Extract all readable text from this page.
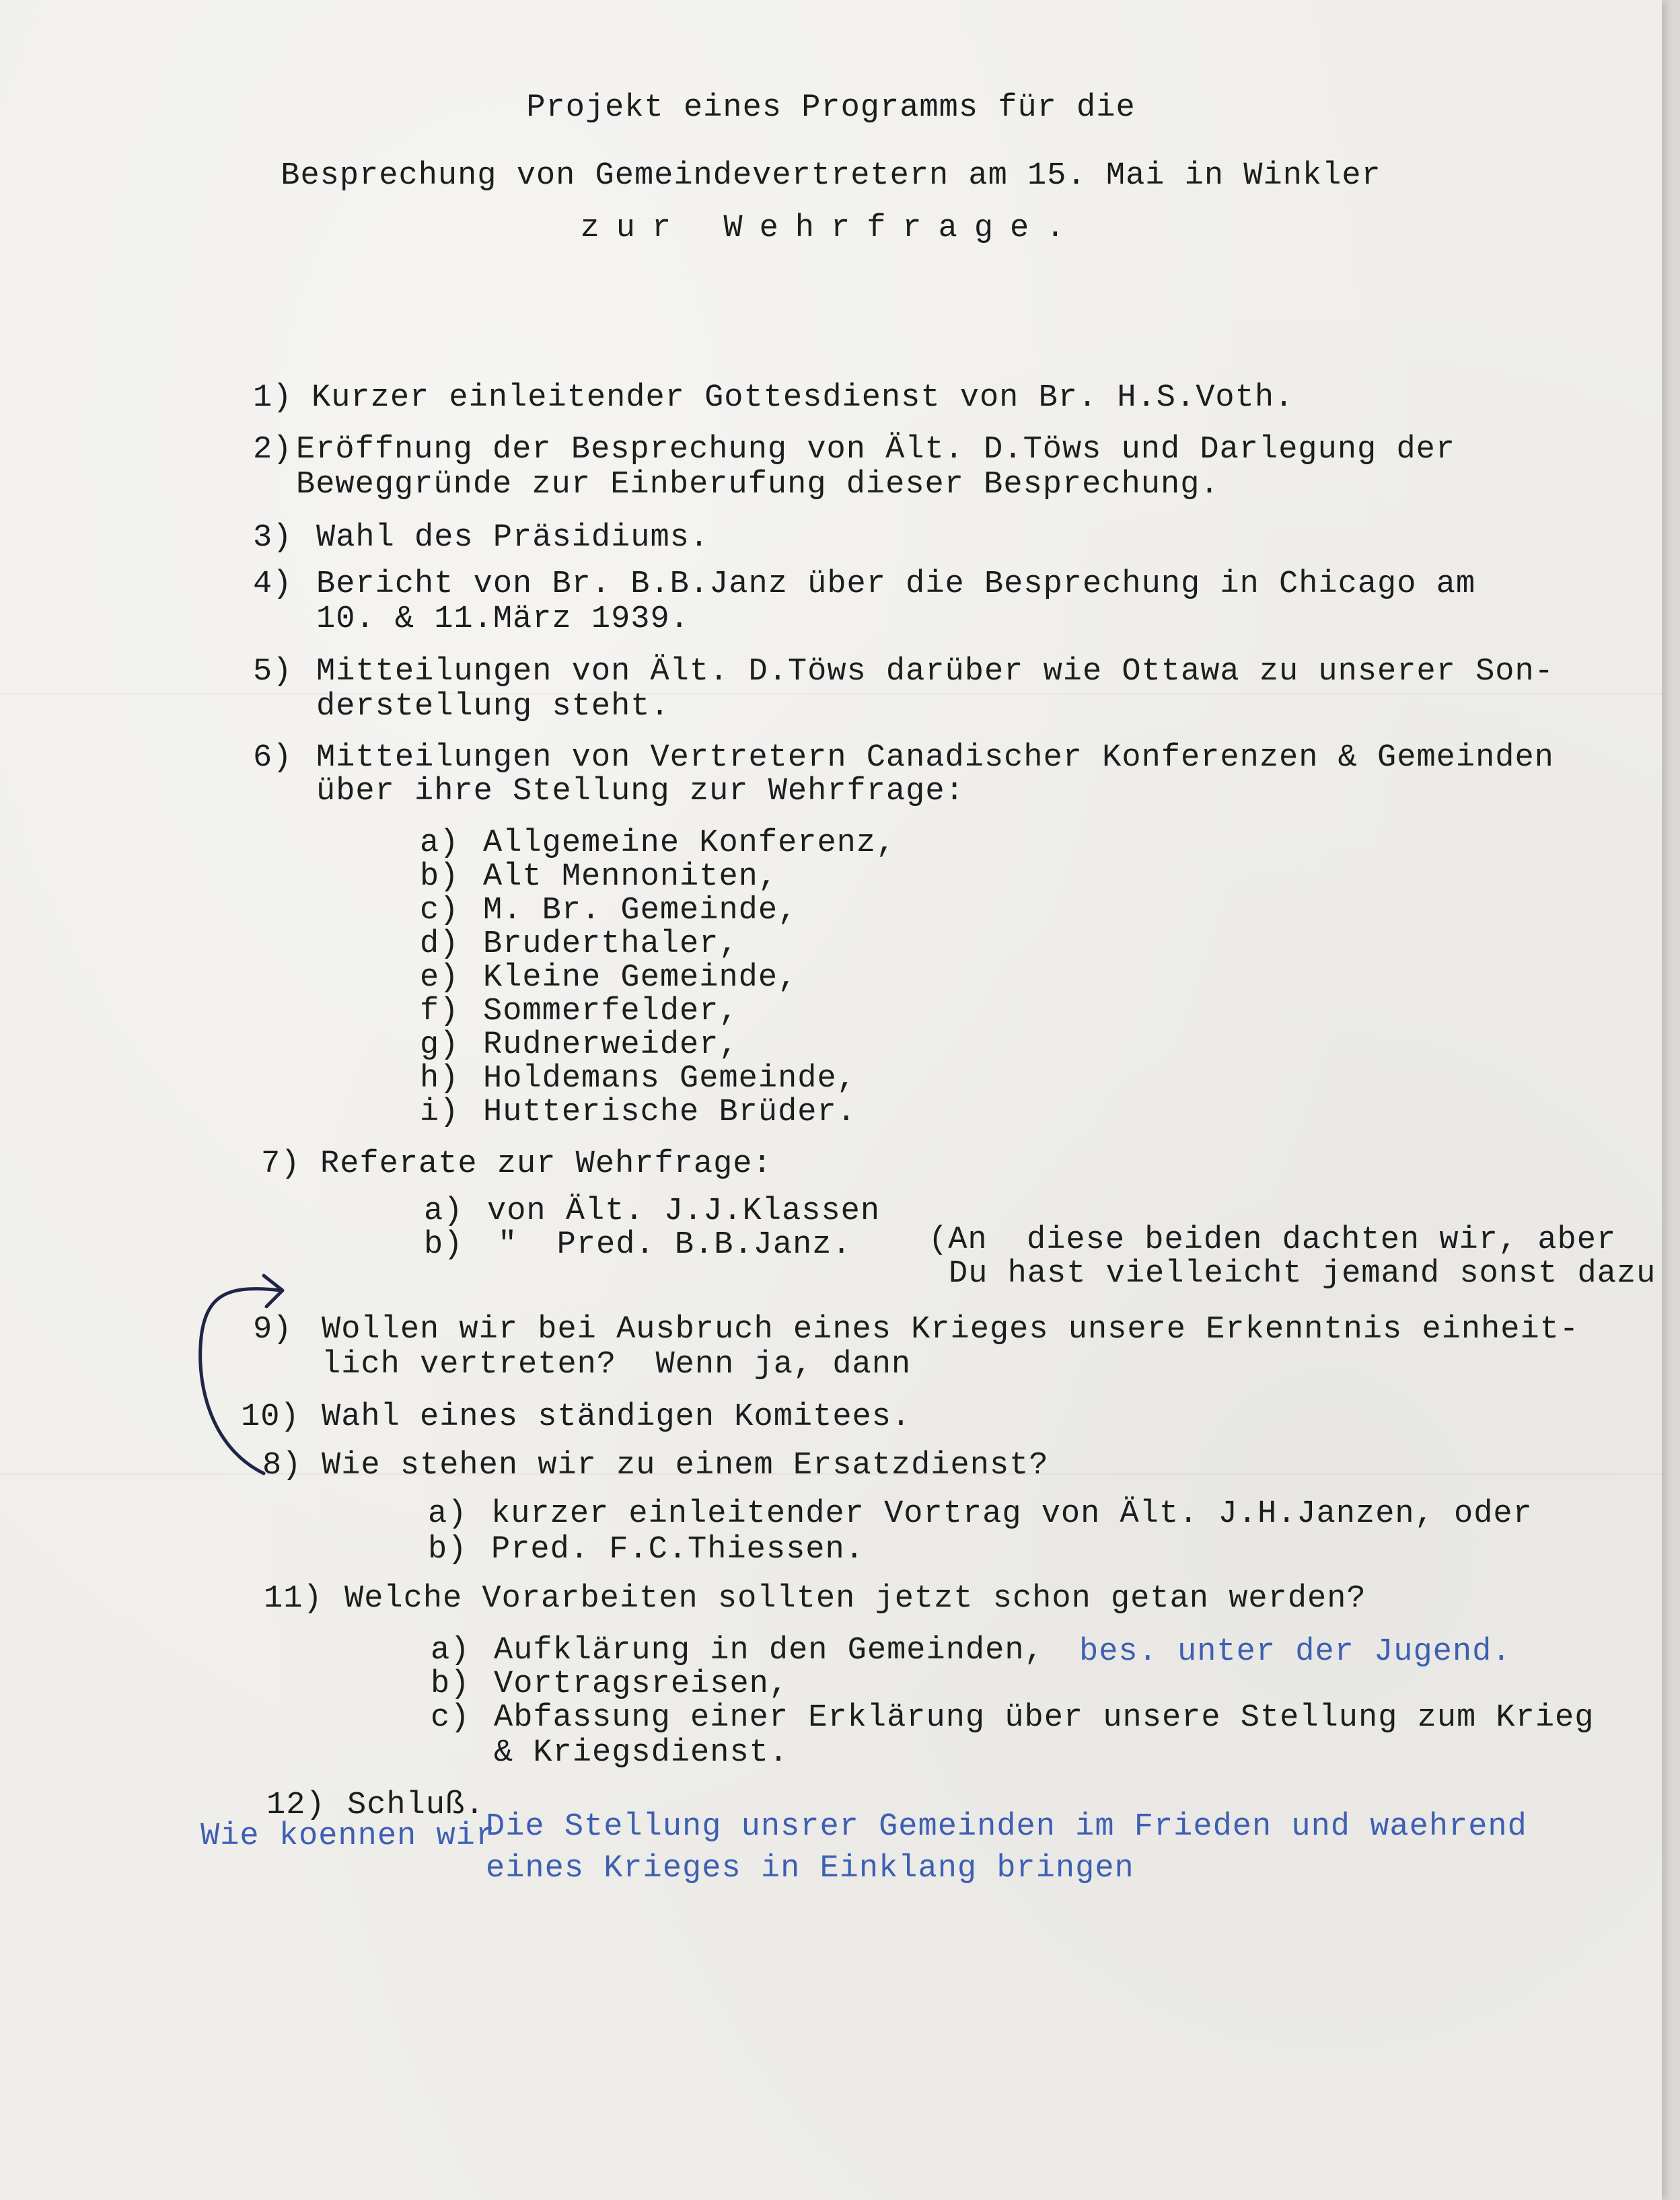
Projekt eines Programms für die
Besprechung von Gemeindevertretern am 15. Mai in Winkler
zur Wehrfrage.
1) Kurzer einleitender Gottesdienst von Br. H.S.Voth.
2) Eröffnung der Besprechung von Ält. D.Töws und Darlegung der
Beweggründe zur Einberufung dieser Besprechung.
3) Wahl des Präsidiums.
4) Bericht von Br. B.B.Janz über die Besprechung in Chicago am
10. & 11.März 1939.
5) Mitteilungen von Ält. D.Töws darüber wie Ottawa zu unserer Son-
derstellung steht.
6) Mitteilungen von Vertretern Canadischer Konferenzen & Gemeinden
über ihre Stellung zur Wehrfrage:
a) Allgemeine Konferenz,
b) Alt Mennoniten,
c) M. Br. Gemeinde,
d) Bruderthaler,
e) Kleine Gemeinde,
f) Sommerfelder,
g) Rudnerweider,
h) Holdemans Gemeinde,
i) Hutterische Brüder.
7) Referate zur Wehrfrage:
a) von Ält. J.J.Klassen
b) "  Pred. B.B.Janz. (An  diese beiden dachten wir, aber
Du hast vielleicht jemand sonst dazu
9) Wollen wir bei Ausbruch eines Krieges unsere Erkenntnis einheit-
lich vertreten?  Wenn ja, dann
10) Wahl eines ständigen Komitees.
8) Wie stehen wir zu einem Ersatzdienst?
a) kurzer einleitender Vortrag von Ält. J.H.Janzen, oder
b) Pred. F.C.Thiessen.
11) Welche Vorarbeiten sollten jetzt schon getan werden?
a) Aufklärung in den Gemeinden, bes. unter der Jugend.
b) Vortragsreisen,
c) Abfassung einer Erklärung über unsere Stellung zum Krieg
& Kriegsdienst.
12) Schluß.
Wie koennen wir
Die Stellung unsrer Gemeinden im Frieden und waehrend
eines Krieges in Einklang bringen
